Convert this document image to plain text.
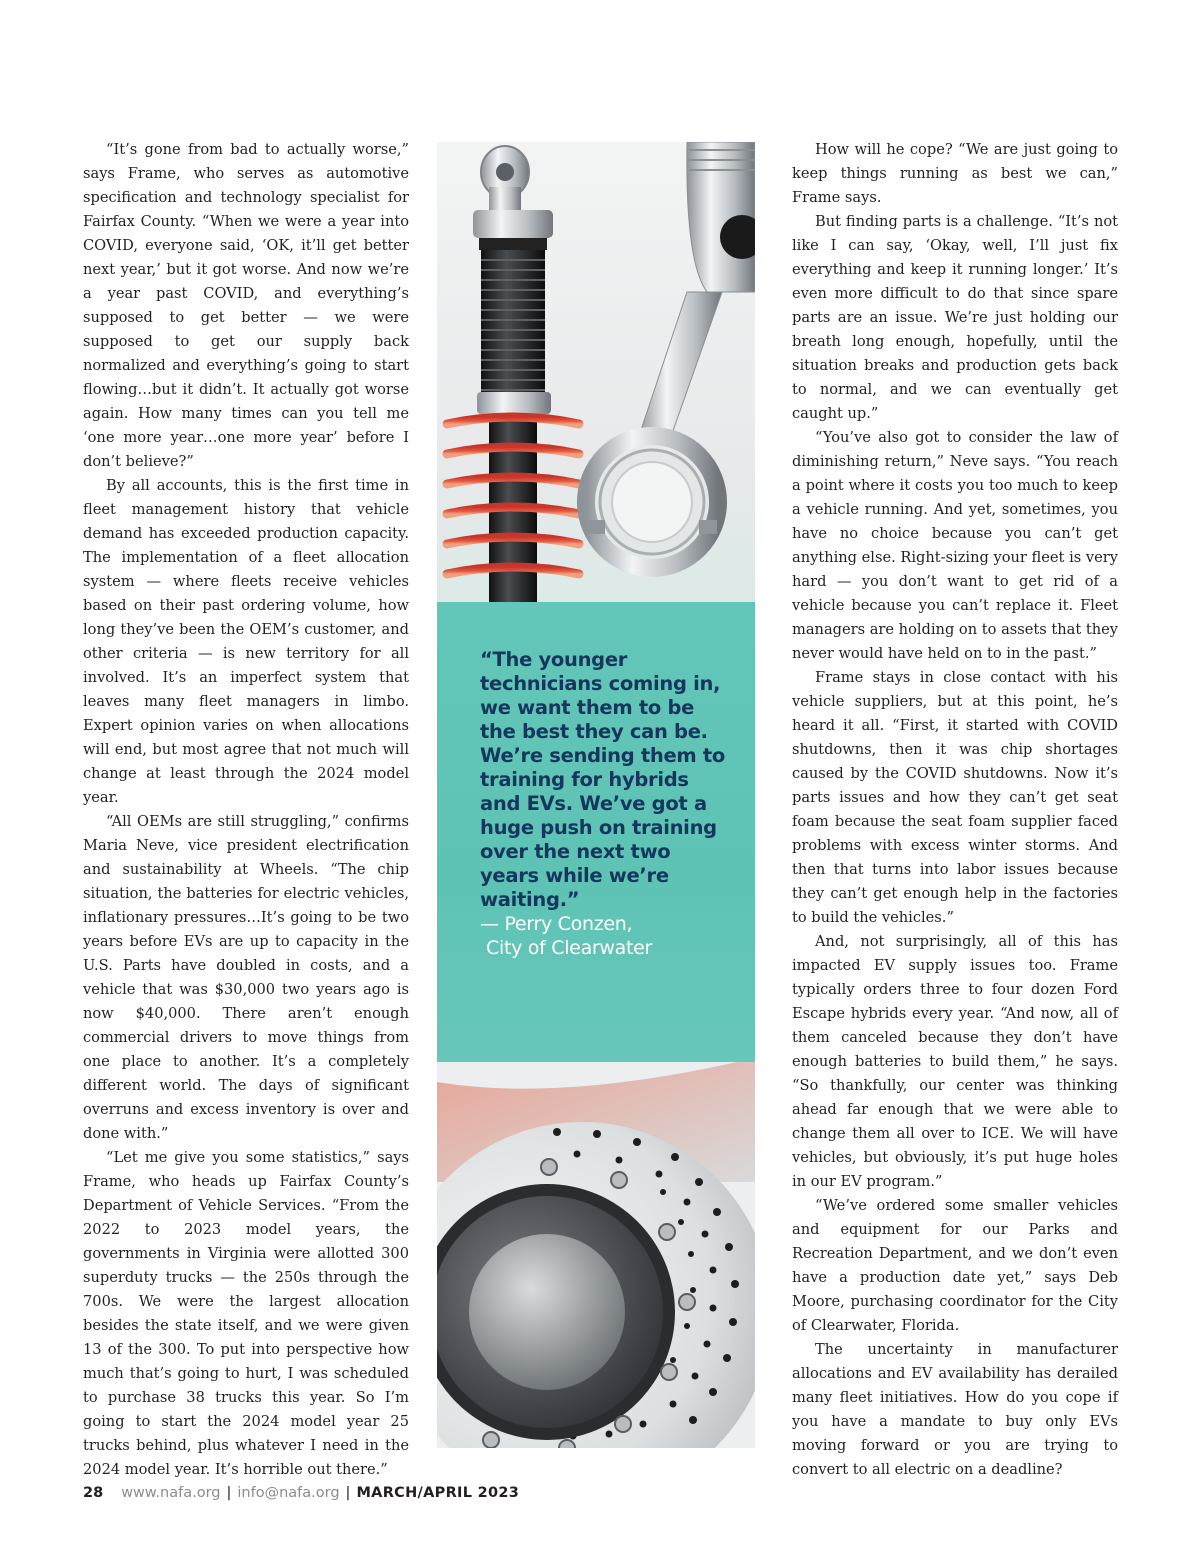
“It’s gone from bad to actually worse,” says Frame, who serves as automotive specification and technology specialist for Fairfax County. “When we were a year into COVID, everyone said, ‘OK, it’ll get better next year,’ but it got worse. And now we’re a year past COVID, and everything’s supposed to get better — we were supposed to get our supply back normalized and everything’s going to start flowing…but it didn’t. It actually got worse again. How many times can you tell me ‘one more year…one more year’ before I don’t believe?”

By all accounts, this is the first time in fleet management history that vehicle demand has exceeded production capacity. The implementation of a fleet allocation system — where fleets receive vehicles based on their past ordering volume, how long they’ve been the OEM’s customer, and other criteria — is new territory for all involved. It’s an imperfect system that leaves many fleet managers in limbo. Expert opinion varies on when allocations will end, but most agree that not much will change at least through the 2024 model year.

“All OEMs are still struggling,” confirms Maria Neve, vice president electrification and sustainability at Wheels. “The chip situation, the batteries for electric vehicles, inflationary pressures…It’s going to be two years before EVs are up to capacity in the U.S. Parts have doubled in costs, and a vehicle that was $30,000 two years ago is now $40,000. There aren’t enough commercial drivers to move things from one place to another. It’s a completely different world. The days of significant overruns and excess inventory is over and done with.”

“Let me give you some statistics,” says Frame, who heads up Fairfax County’s Department of Vehicle Services. “From the 2022 to 2023 model years, the governments in Virginia were allotted 300 superduty trucks — the 250s through the 700s. We were the largest allocation besides the state itself, and we were given 13 of the 300. To put into perspective how much that’s going to hurt, I was scheduled to purchase 38 trucks this year. So I’m going to start the 2024 model year 25 trucks behind, plus whatever I need in the 2024 model year. It’s horrible out there.”

“The younger technicians coming in, we want them to be the best they can be. We’re sending them to training for hybrids and EVs. We’ve got a huge push on training over the next two years while we’re waiting.”
— Perry Conzen,
City of Clearwater

How will he cope? “We are just going to keep things running as best we can,” Frame says.

But finding parts is a challenge. “It’s not like I can say, ‘Okay, well, I’ll just fix everything and keep it running longer.’ It’s even more difficult to do that since spare parts are an issue. We’re just holding our breath long enough, hopefully, until the situation breaks and production gets back to normal, and we can eventually get caught up.”

“You’ve also got to consider the law of diminishing return,” Neve says. “You reach a point where it costs you too much to keep a vehicle running. And yet, sometimes, you have no choice because you can’t get anything else. Right-sizing your fleet is very hard — you don’t want to get rid of a vehicle because you can’t replace it. Fleet managers are holding on to assets that they never would have held on to in the past.”

Frame stays in close contact with his vehicle suppliers, but at this point, he’s heard it all. “First, it started with COVID shutdowns, then it was chip shortages caused by the COVID shutdowns. Now it’s parts issues and how they can’t get seat foam because the seat foam supplier faced problems with excess winter storms. And then that turns into labor issues because they can’t get enough help in the factories to build the vehicles.”

And, not surprisingly, all of this has impacted EV supply issues too. Frame typically orders three to four dozen Ford Escape hybrids every year. “And now, all of them canceled because they don’t have enough batteries to build them,” he says. “So thankfully, our center was thinking ahead far enough that we were able to change them all over to ICE. We will have vehicles, but obviously, it’s put huge holes in our EV program.”

“We’ve ordered some smaller vehicles and equipment for our Parks and Recreation Department, and we don’t even have a production date yet,” says Deb Moore, purchasing coordinator for the City of Clearwater, Florida.

The uncertainty in manufacturer allocations and EV availability has derailed many fleet initiatives. How do you cope if you have a mandate to buy only EVs moving forward or you are trying to convert to all electric on a deadline?

28 www.nafa.org | info@nafa.org | MARCH/APRIL 2023
